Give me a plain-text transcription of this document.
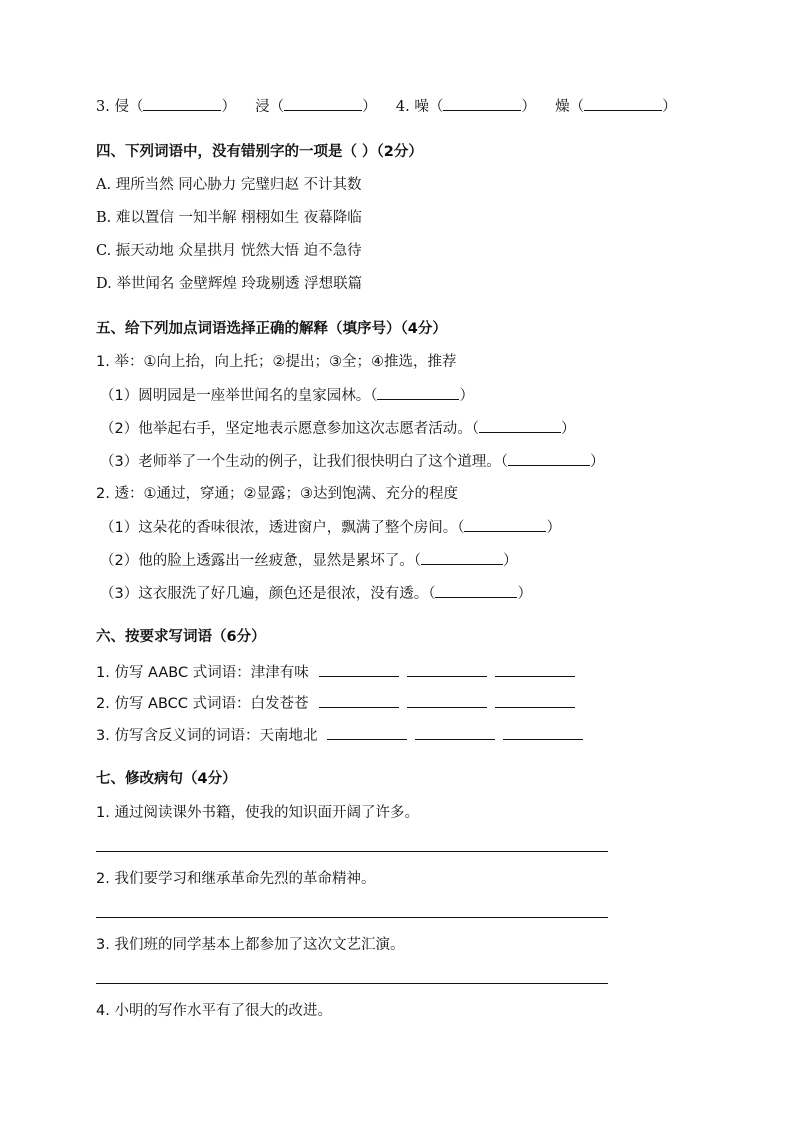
3. 侵（	） 浸（	） 4. 噪（	） 燥（	）
四、下列词语中，没有错别字的一项是（ ）（2分）
A. 理所当然 同心胁力 完璧归赵 不计其数
B. 难以置信 一知半解 栩栩如生 夜幕降临
C. 振天动地 众星拱月 恍然大悟 迫不急待
D. 举世闻名 金壁辉煌 玲珑剔透 浮想联篇
五、给下列加点词语选择正确的解释（填序号）（4分）
1. 举：①向上抬，向上托；②提出；③全；④推选，推荐
（1）圆明园是一座举世闻名的皇家园林。（	）
（2）他举起右手，坚定地表示愿意参加这次志愿者活动。（	）
（3）老师举了一个生动的例子，让我们很快明白了这个道理。（	）
2. 透：①通过，穿通；②显露；③达到饱满、充分的程度
（1）这朵花的香味很浓，透进窗户，飘满了整个房间。（	）
（2）他的脸上透露出一丝疲惫，显然是累坏了。（	）
（3）这衣服洗了好几遍，颜色还是很浓，没有透。（	）
六、按要求写词语（6分）
1. 仿写 AABC 式词语：津津有味
2. 仿写 ABCC 式词语：白发苍苍
3. 仿写含反义词的词语：天南地北
七、修改病句（4分）
1. 通过阅读课外书籍，使我的知识面开阔了许多。
2. 我们要学习和继承革命先烈的革命精神。
3. 我们班的同学基本上都参加了这次文艺汇演。
4. 小明的写作水平有了很大的改进。
